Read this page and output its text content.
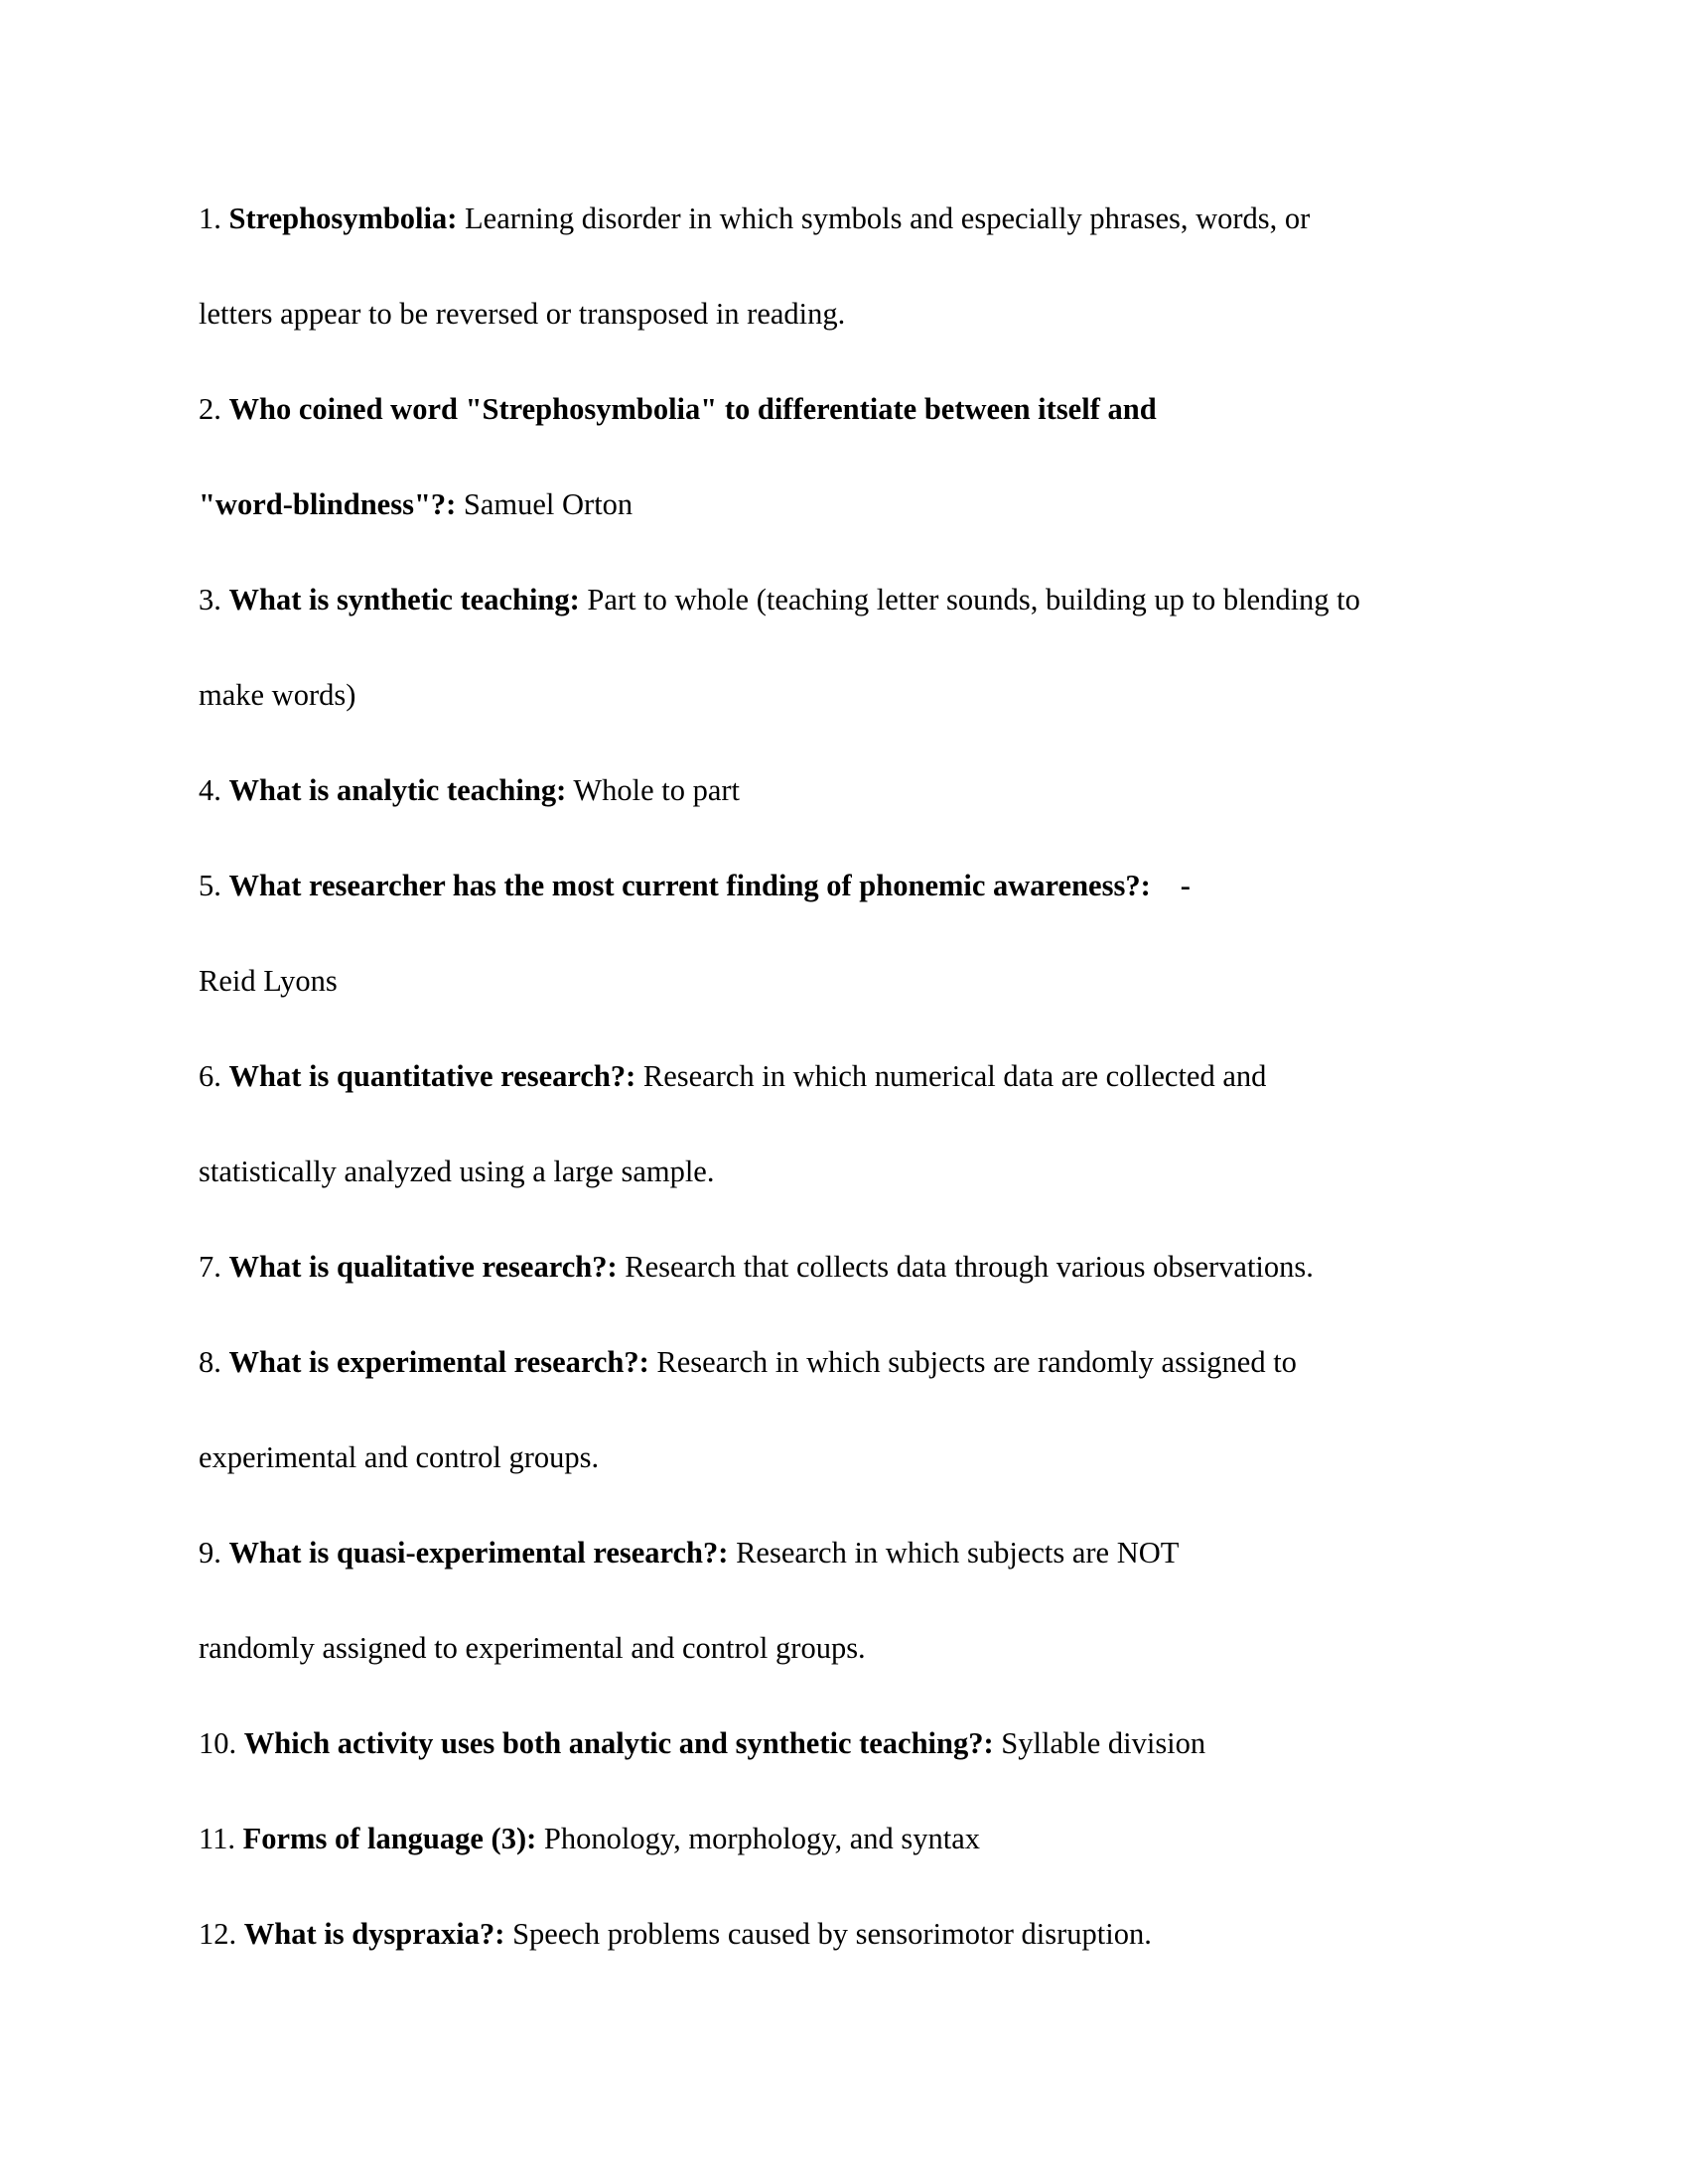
1. Strephosymbolia: Learning disorder in which symbols and especially phrases, words, or
letters appear to be reversed or transposed in reading.
2. Who coined word "Strephosymbolia" to differentiate between itself and
"word-blindness"?: Samuel Orton
3. What is synthetic teaching: Part to whole (teaching letter sounds, building up to blending to
make words)
4. What is analytic teaching: Whole to part
5. What researcher has the most current finding of phonemic awareness?: -
Reid Lyons
6. What is quantitative research?: Research in which numerical data are collected and
statistically analyzed using a large sample.
7. What is qualitative research?: Research that collects data through various observations.
8. What is experimental research?: Research in which subjects are randomly assigned to
experimental and control groups.
9. What is quasi-experimental research?: Research in which subjects are NOT
randomly assigned to experimental and control groups.
10. Which activity uses both analytic and synthetic teaching?: Syllable division
11. Forms of language (3): Phonology, morphology, and syntax
12. What is dyspraxia?: Speech problems caused by sensorimotor disruption.
